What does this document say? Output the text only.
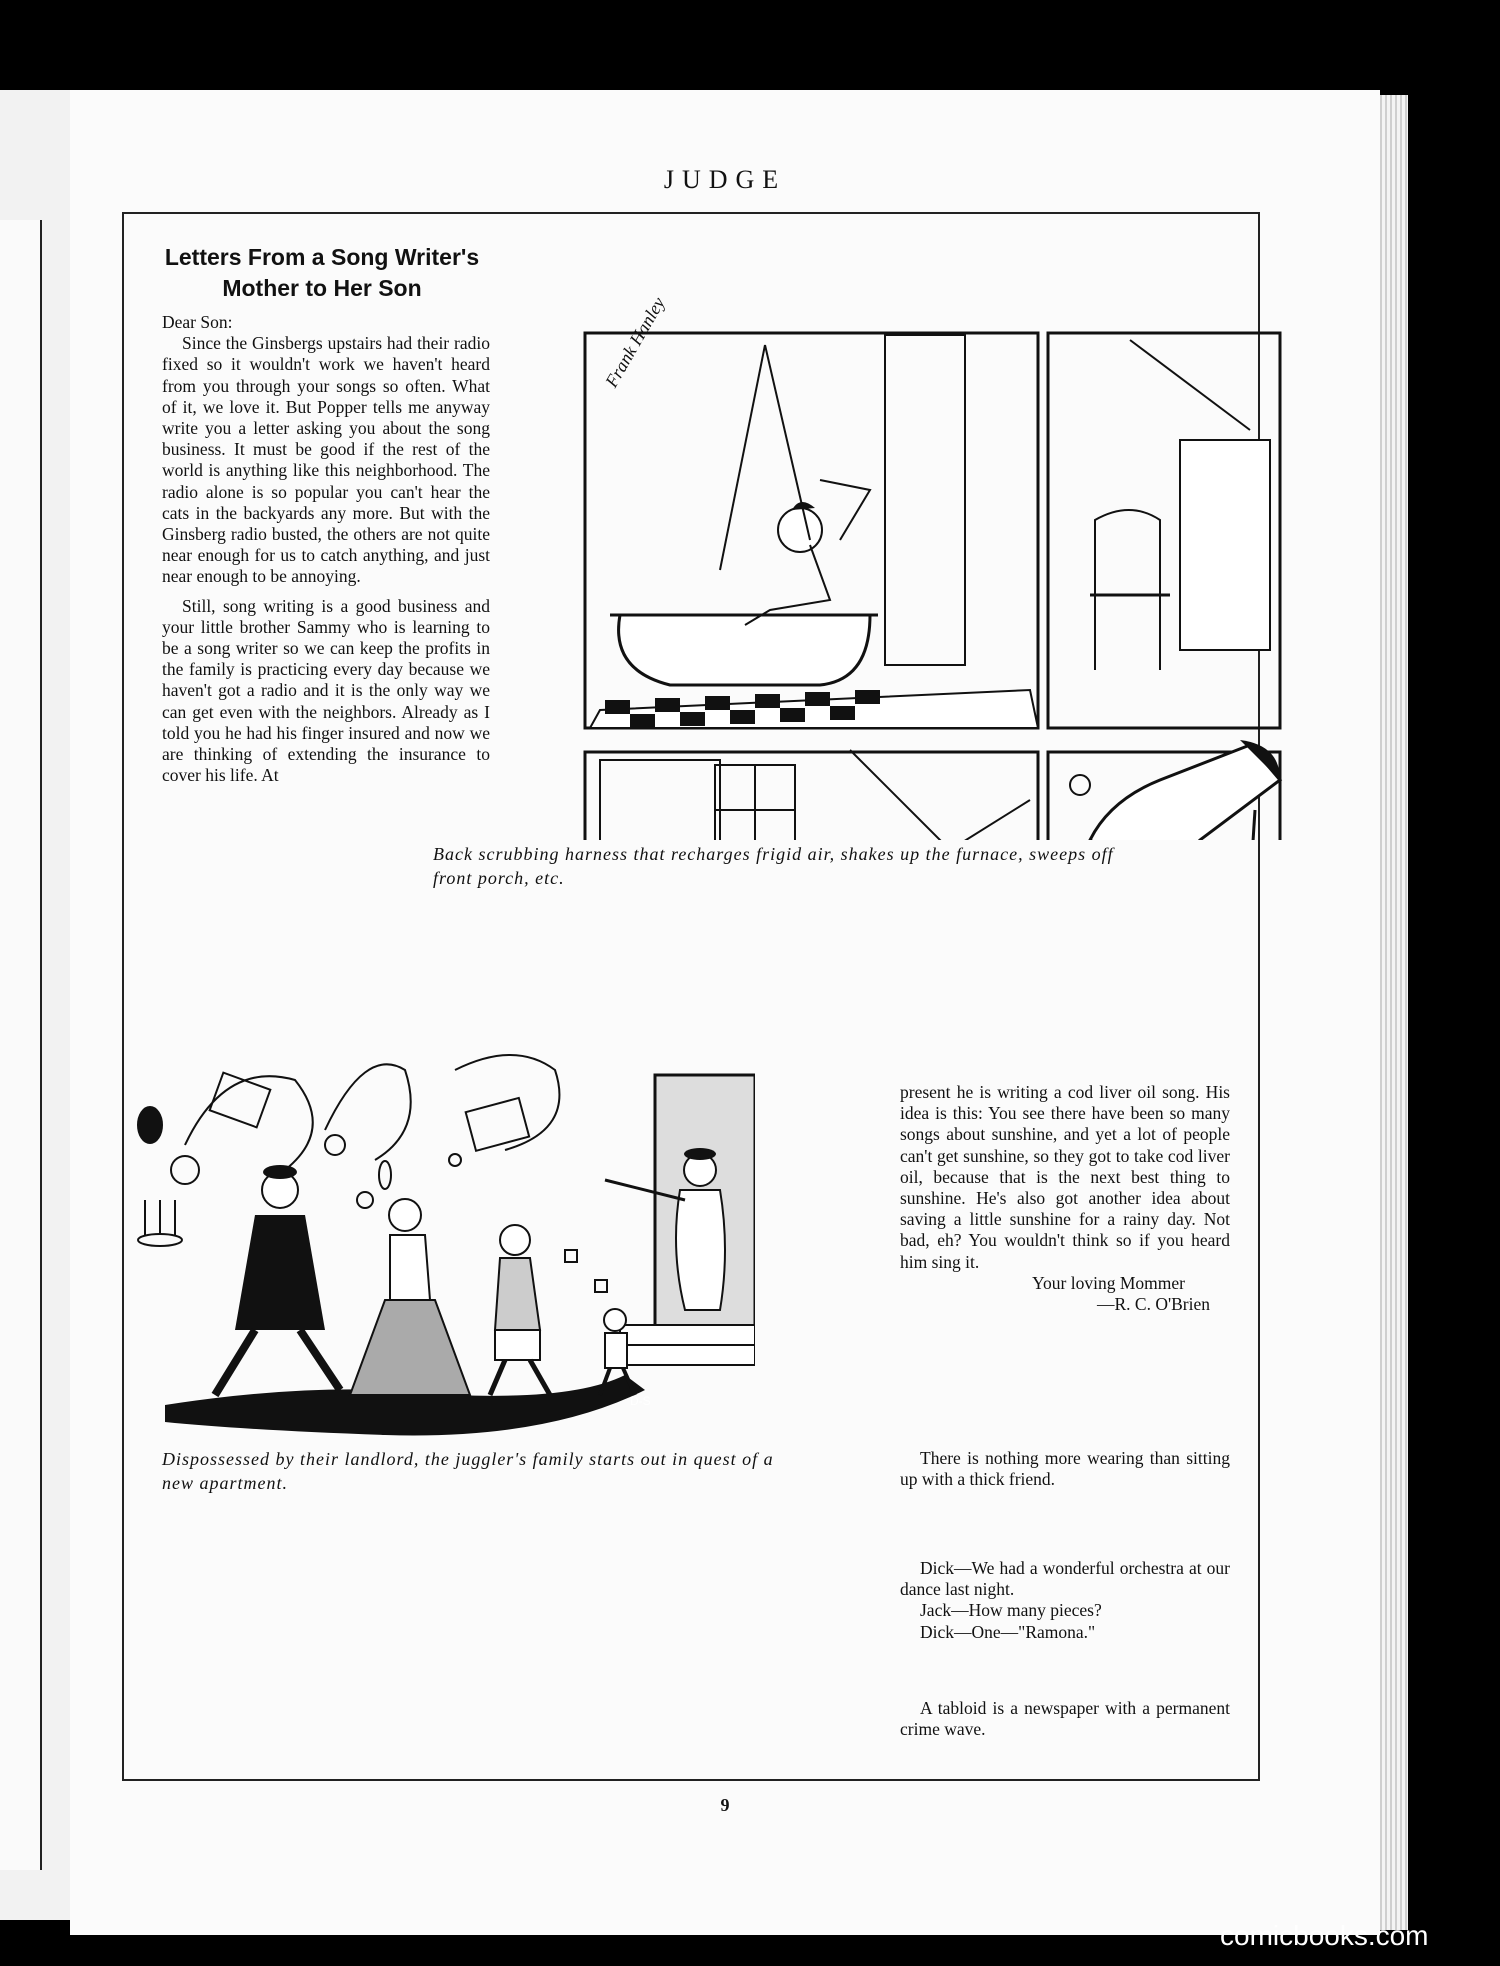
JUDGE
Letters From a Song Writer's Mother to Her Son

Dear Son:

Since the Ginsbergs upstairs had their radio fixed so it wouldn't work we haven't heard from you through your songs so often. What of it, we love it. But Popper tells me anyway write you a letter asking you about the song business. It must be good if the rest of the world is anything like this neighborhood. The radio alone is so popular you can't hear the cats in the backyards any more. But with the Ginsberg radio busted, the others are not quite near enough for us to catch anything, and just near enough to be annoying.

Still, song writing is a good business and your little brother Sammy who is learning to be a song writer so we can keep the profits in the family is practicing every day because we haven't got a radio and it is the only way we can get even with the neighbors. Already as I told you he had his finger insured and now we are thinking of extending the insurance to cover his life. At

Frank Hanley
Back scrubbing harness that recharges frigid air, shakes up the furnace, sweeps off front porch, etc.
D-S
Dispossessed by their landlord, the juggler's family starts out in quest of a new apartment.

present he is writing a cod liver oil song. His idea is this: You see there have been so many songs about sunshine, and yet a lot of people can't get sunshine, so they got to take cod liver oil, because that is the next best thing to sunshine. He's also got another idea about saving a little sunshine for a rainy day. Not bad, eh? You wouldn't think so if you heard him sing it.

Your loving Mommer

—R. C. O'Brien

There is nothing more wearing than sitting up with a thick friend.

Dick—We had a wonderful orchestra at our dance last night.

Jack—How many pieces?

Dick—One—"Ramona."

A tabloid is a newspaper with a permanent crime wave.

9
comicbooks.com
